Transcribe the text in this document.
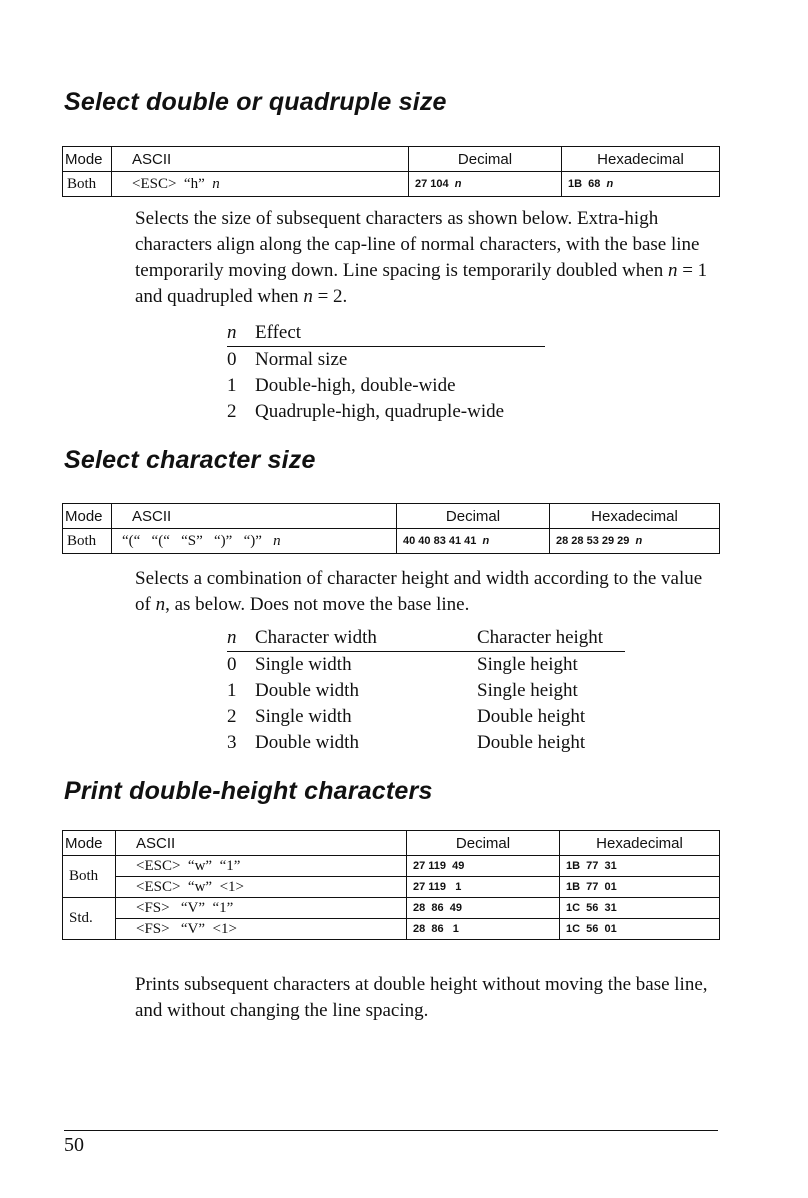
Select double or quadruple size
Mode	ASCII	Decimal	Hexadecimal
Both	<ESC>  “h”  n	27 104  n	1B  68  n

Selects the size of subsequent characters as shown below. Extra-high characters align along the cap-line of normal characters, with the base line temporarily moving down. Line spacing is temporarily doubled when n = 1 and quadrupled when n = 2.

n Effect
0 Normal size
1 Double-high, double-wide
2 Quadruple-high, quadruple-wide
Select character size
Mode	ASCII	Decimal	Hexadecimal
Both	“(“   “(“   “S”   “)”   “)”   n	40 40 83 41 41  n	28 28 53 29 29  n

Selects a combination of character height and width according to the value of n, as below. Does not move the base line.

n Character width	Character height
0 Single width	Single height
1 Double width	Single height
2 Single width	Double height
3 Double width	Double height
Print double-height characters
Mode	ASCII	Decimal	Hexadecimal
Both	<ESC>  “w”  “1”	27 119  49	1B  77  31
	<ESC>  “w”  <1>	27 119   1	1B  77  01
Std.	<FS>   “V”  “1”	28  86  49	1C  56  31
	<FS>   “V”  <1>	28  86   1	1C  56  01

Prints subsequent characters at double height without moving the base line, and without changing the line spacing.

50
